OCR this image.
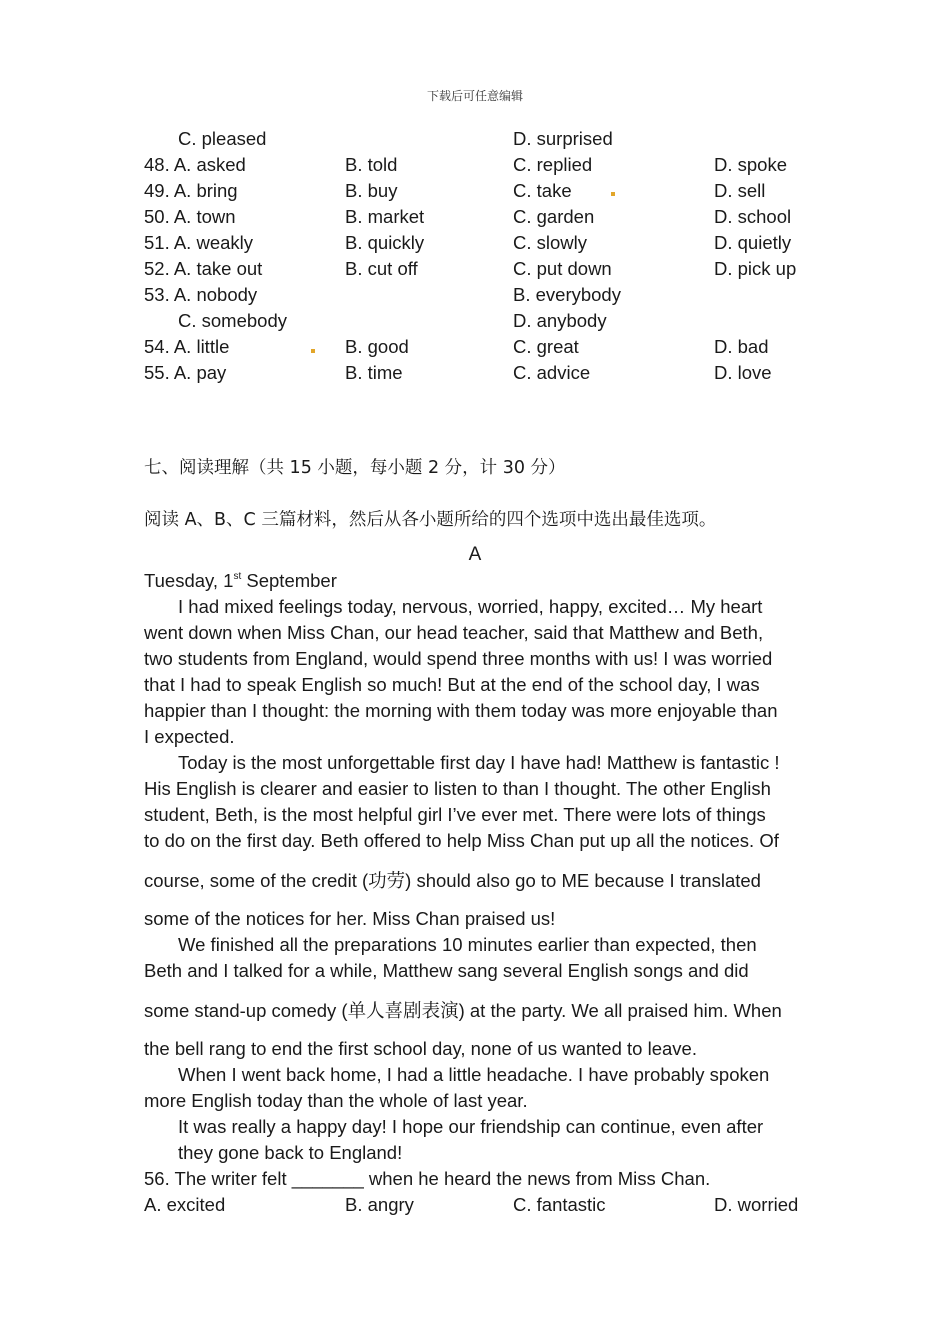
下载后可任意编辑
C. pleased	D. surprised
48. A. asked	B. told	C. replied	D. spoke
49. A. bring	B. buy	C. take	D. sell
50. A. town	B. market	C. garden	D. school
51. A. weakly	B. quickly	C. slowly	D. quietly
52. A. take out	B. cut off	C. put down	D. pick up
53. A. nobody	B. everybody
C. somebody	D. anybody
54. A. little	B. good	C. great	D. bad
55. A. pay	B. time	C. advice	D. love
七、阅读理解（共 15 小题，每小题 2 分，计 30 分）
阅读 A、B、C 三篇材料，然后从各小题所给的四个选项中选出最佳选项。
A
Tuesday, 1st September
I had mixed feelings today, nervous, worried, happy, excited… My heart
went down when Miss Chan, our head teacher, said that Matthew and Beth,
two students from England, would spend three months with us! I was worried
that I had to speak English so much! But at the end of the school day, I was
happier than I thought: the morning with them today was more enjoyable than
I expected.
Today is the most unforgettable first day I have had! Matthew is fantastic !
His English is clearer and easier to listen to than I thought. The other English
student, Beth, is the most helpful girl I’ve ever met. There were lots of things
to do on the first day. Beth offered to help Miss Chan put up all the notices. Of
course, some of the credit (功劳) should also go to ME because I translated
some of the notices for her. Miss Chan praised us!
We finished all the preparations 10 minutes earlier than expected, then
Beth and I talked for a while, Matthew sang several English songs and did
some stand-up comedy (单人喜剧表演) at the party. We all praised him. When
the bell rang to end the first school day, none of us wanted to leave.
When I went back home, I had a little headache. I have probably spoken
more English today than the whole of last year.
It was really a happy day! I hope our friendship can continue, even after
they gone back to England!
56. The writer felt _______ when he heard the news from Miss Chan.
A. excited	B. angry	C. fantastic	D. worried
